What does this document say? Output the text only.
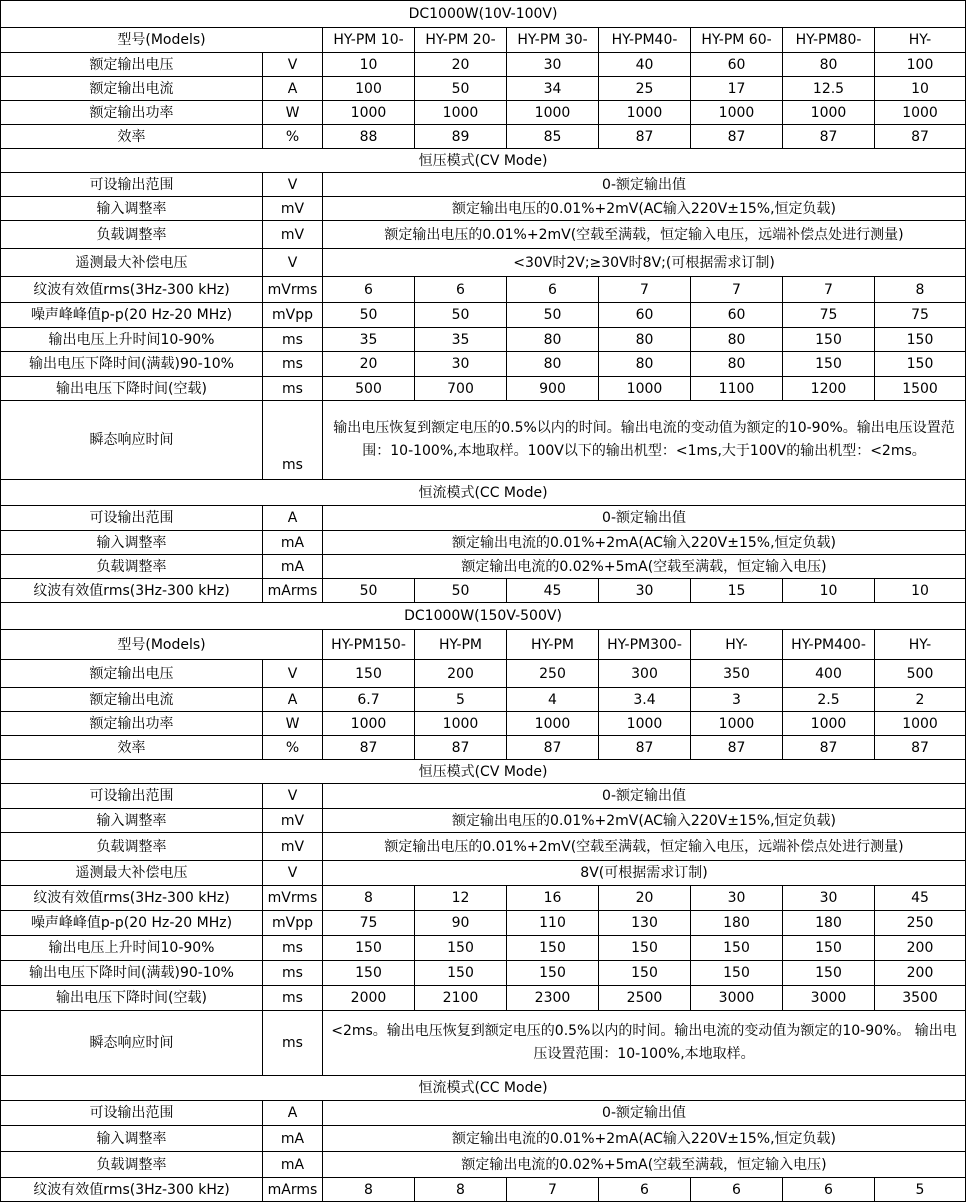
DC1000W(10V-100V)								
型号(Models)		HY-PM 10-	HY-PM 20-	HY-PM 30-	HY-PM40-	HY-PM 60-	HY-PM80-	HY-
额定输出电压	V	10	20	30	40	60	80	100
额定输出电流	A	100	50	34	25	17	12.5	10
额定输出功率	W	1000	1000	1000	1000	1000	1000	1000
效率	%	88	89	85	87	87	87	87
恒压模式(CV Mode)								
可设输出范围	V	0-额定输出值						
输入调整率	mV	额定输出电压的0.01%+2mV(AC输入220V±15%,恒定负载)						
负载调整率	mV	额定输出电压的0.01%+2mV(空载至满载，恒定输入电压，远端补偿点处进行测量)						
遥测最大补偿电压	V	<30V时2V;≥30V时8V;(可根据需求订制)						
纹波有效值rms(3Hz-300 kHz)	mVrms	6	6	6	7	7	7	8
噪声峰峰值p-p(20 Hz-20 MHz)	mVpp	50	50	50	60	60	75	75
输出电压上升时间10-90%	ms	35	35	80	80	80	150	150
输出电压下降时间(满载)90-10%	ms	20	30	80	80	80	150	150
输出电压下降时间(空载)	ms	500	700	900	1000	1100	1200	1500
瞬态响应时间	ms	输出电压恢复到额定电压的0.5%以内的时间。输出电流的变动值为额定的10-90%。输出电压设置范围：10-100%,本地取样。100V以下的输出机型：<1ms,大于100V的输出机型：<2ms。						
恒流模式(CC Mode)								
可设输出范围	A	0-额定输出值						
输入调整率	mA	额定输出电流的0.01%+2mA(AC输入220V±15%,恒定负载)						
负载调整率	mA	额定输出电流的0.02%+5mA(空载至满载，恒定输入电压)						
纹波有效值rms(3Hz-300 kHz)	mArms	50	50	45	30	15	10	10
DC1000W(150V-500V)								
型号(Models)		HY-PM150-	HY-PM	HY-PM	HY-PM300-	HY-	HY-PM400-	HY-
额定输出电压	V	150	200	250	300	350	400	500
额定输出电流	A	6.7	5	4	3.4	3	2.5	2
额定输出功率	W	1000	1000	1000	1000	1000	1000	1000
效率	%	87	87	87	87	87	87	87
恒压模式(CV Mode)								
可设输出范围	V	0-额定输出值						
输入调整率	mV	额定输出电压的0.01%+2mV(AC输入220V±15%,恒定负载)						
负载调整率	mV	额定输出电压的0.01%+2mV(空载至满载，恒定输入电压，远端补偿点处进行测量)						
遥测最大补偿电压	V	8V(可根据需求订制)						
纹波有效值rms(3Hz-300 kHz)	mVrms	8	12	16	20	30	30	45
噪声峰峰值p-p(20 Hz-20 MHz)	mVpp	75	90	110	130	180	180	250
输出电压上升时间10-90%	ms	150	150	150	150	150	150	200
输出电压下降时间(满载)90-10%	ms	150	150	150	150	150	150	200
输出电压下降时间(空载)	ms	2000	2100	2300	2500	3000	3000	3500
瞬态响应时间	ms	<2ms。输出电压恢复到额定电压的0.5%以内的时间。输出电流的变动值为额定的10-90%。 输出电压设置范围：10-100%,本地取样。						
恒流模式(CC Mode)								
可设输出范围	A	0-额定输出值						
输入调整率	mA	额定输出电流的0.01%+2mA(AC输入220V±15%,恒定负载)						
负载调整率	mA	额定输出电流的0.02%+5mA(空载至满载，恒定输入电压)						
纹波有效值rms(3Hz-300 kHz)	mArms	8	8	7	6	6	6	5
